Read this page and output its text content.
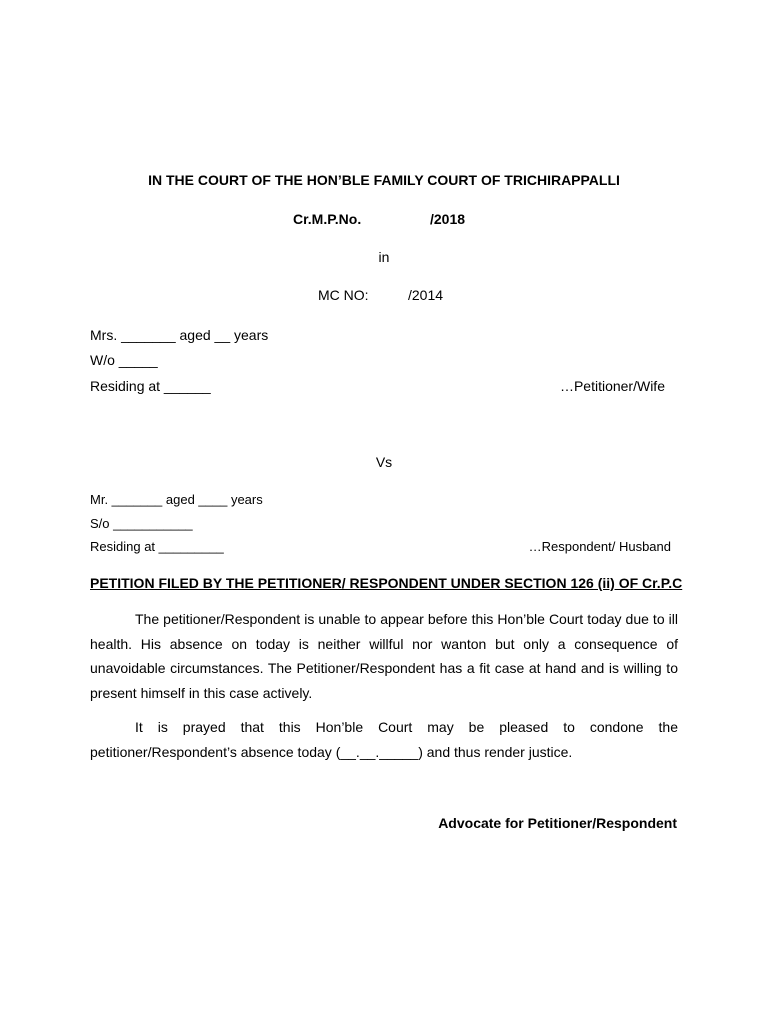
IN THE COURT OF THE HON’BLE FAMILY COURT OF TRICHIRAPPALLI
Cr.M.P.No.	/2018
in
MC NO:	/2014
Mrs. _______ aged __ years
W/o _____
Residing at ______	…Petitioner/Wife
Vs
Mr. _______ aged ____ years
S/o ___________
Residing at _________	…Respondent/ Husband
PETITION FILED BY THE PETITIONER/ RESPONDENT UNDER SECTION 126 (ii) OF Cr.P.C
The petitioner/Respondent is unable to appear before this Hon’ble Court today due to ill health. His absence on today is neither willful nor wanton but only a consequence of unavoidable circumstances. The Petitioner/Respondent has a fit case at hand and is willing to present himself in this case actively.
It is prayed that this Hon’ble Court may be pleased to condone the petitioner/Respondent’s absence today (__.__._____) and thus render justice.
Advocate for Petitioner/Respondent
